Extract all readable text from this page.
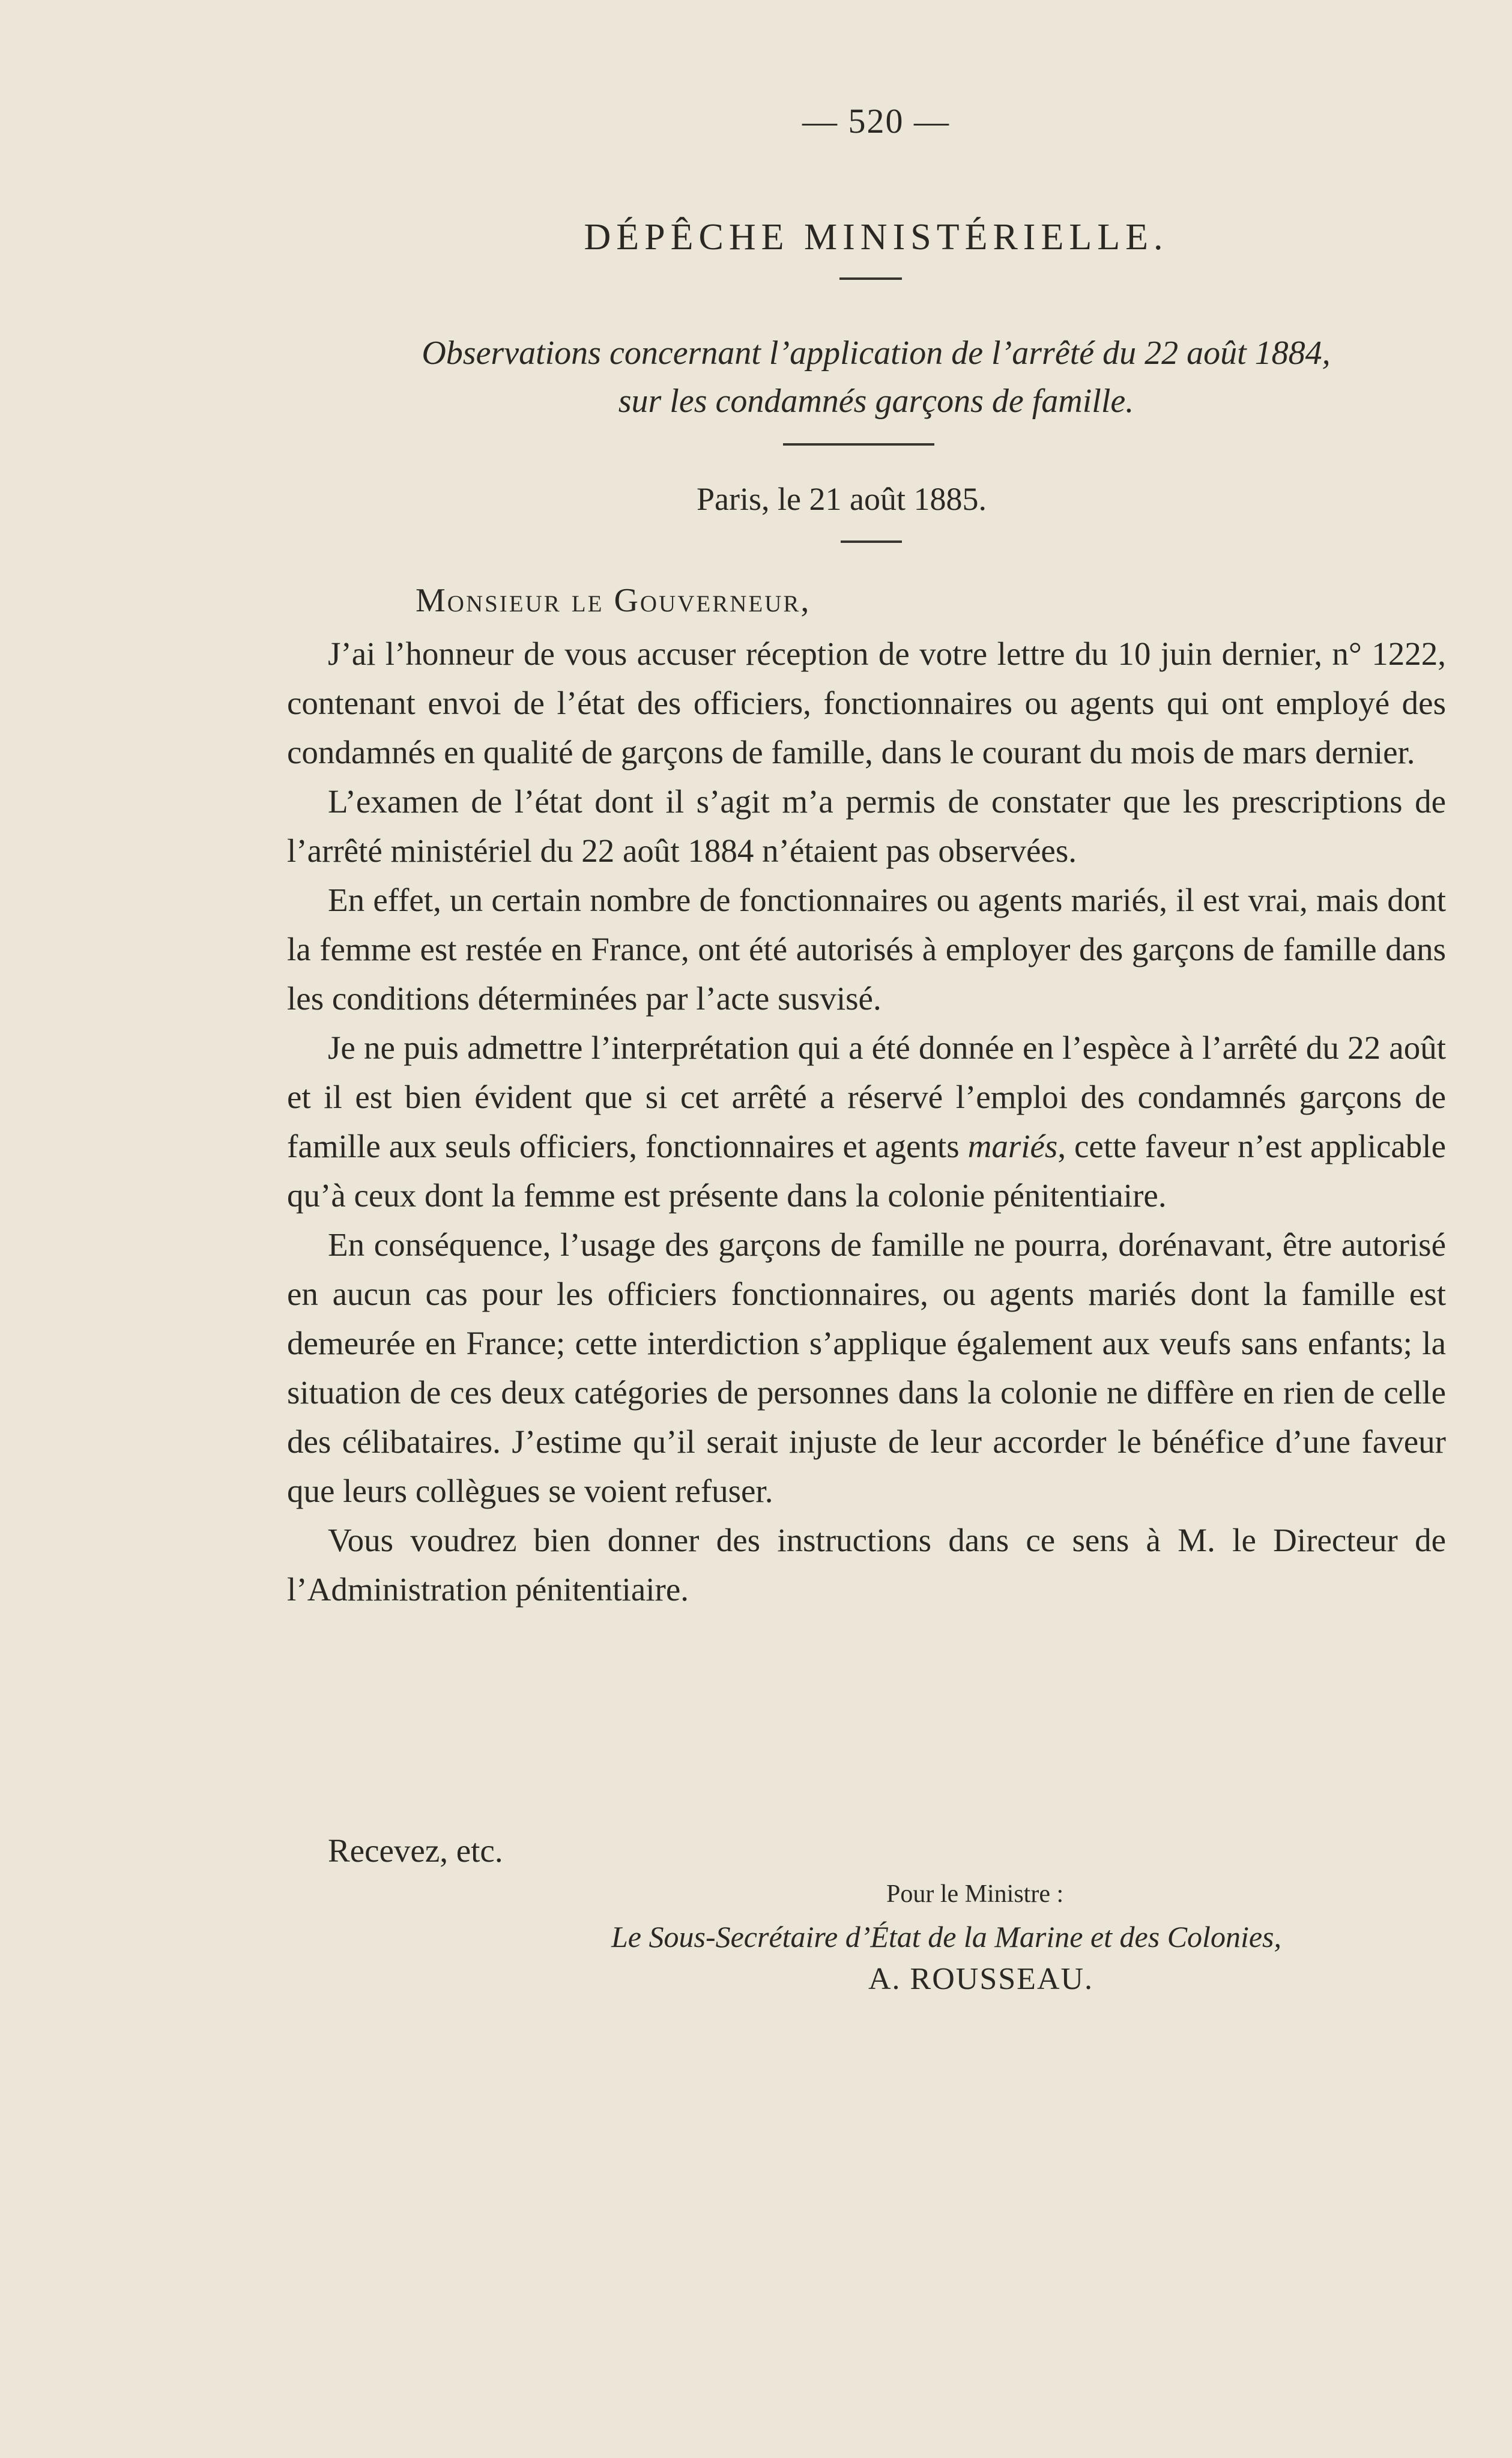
— 520 —
DÉPÊCHE MINISTÉRIELLE.
Observations concernant l’application de l’arrêté du 22 août 1884,
sur les condamnés garçons de famille.
Paris, le 21 août 1885.
Monsieur le Gouverneur,

J’ai l’honneur de vous accuser réception de votre lettre du 10 juin dernier, n° 1222, contenant envoi de l’état des officiers, fonctionnaires ou agents qui ont employé des condamnés en qualité de garçons de famille, dans le courant du mois de mars dernier.

L’examen de l’état dont il s’agit m’a permis de constater que les prescriptions de l’arrêté ministériel du 22 août 1884 n’étaient pas observées.

En effet, un certain nombre de fonctionnaires ou agents mariés, il est vrai, mais dont la femme est restée en France, ont été autorisés à employer des garçons de famille dans les conditions déterminées par l’acte susvisé.

Je ne puis admettre l’interprétation qui a été donnée en l’espèce à l’arrêté du 22 août et il est bien évident que si cet arrêté a réservé l’emploi des condamnés garçons de famille aux seuls officiers, fonctionnaires et agents mariés, cette faveur n’est applicable qu’à ceux dont la femme est présente dans la colonie pénitentiaire.

En conséquence, l’usage des garçons de famille ne pourra, dorénavant, être autorisé en aucun cas pour les officiers fonctionnaires, ou agents mariés dont la famille est demeurée en France; cette interdiction s’applique également aux veufs sans enfants; la situation de ces deux catégories de personnes dans la colonie ne diffère en rien de celle des célibataires. J’estime qu’il serait injuste de leur accorder le bénéfice d’une faveur que leurs collègues se voient refuser.

Vous voudrez bien donner des instructions dans ce sens à M. le Directeur de l’Administration pénitentiaire.

Recevez, etc.
Pour le Ministre :
Le Sous-Secrétaire d’État de la Marine et des Colonies,
A. ROUSSEAU.
